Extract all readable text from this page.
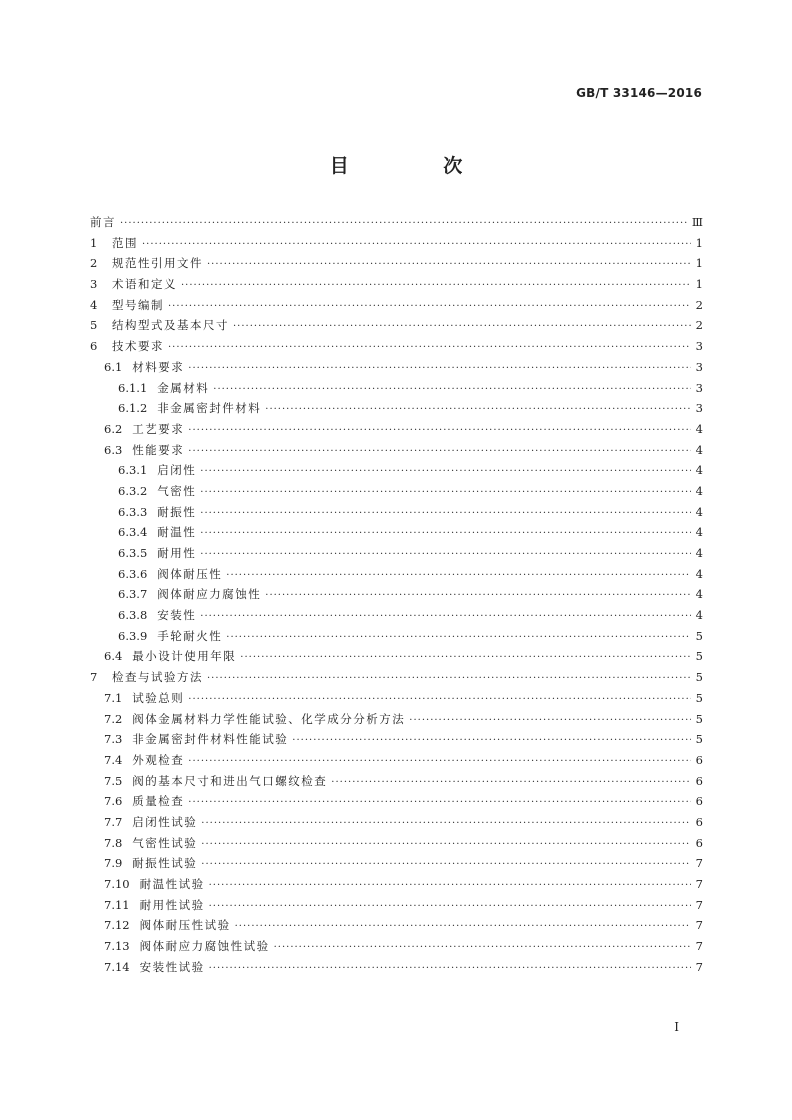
GB/T 33146—2016
目 次
前言 ·····	Ⅲ
1	范围 ·····	1
2	规范性引用文件 ·····	1
3	术语和定义 ·····	1
4	型号编制 ·····	2
5	结构型式及基本尺寸 ·····	2
6	技术要求 ·····	3
6.1 材料要求 ·····	3
6.1.1 金属材料 ·····	3
6.1.2 非金属密封件材料 ·····	3
6.2 工艺要求 ·····	4
6.3 性能要求 ·····	4
6.3.1 启闭性 ·····	4
6.3.2 气密性 ·····	4
6.3.3 耐振性 ·····	4
6.3.4 耐温性 ·····	4
6.3.5 耐用性 ·····	4
6.3.6 阀体耐压性 ·····	4
6.3.7 阀体耐应力腐蚀性 ·····	4
6.3.8 安装性 ·····	4
6.3.9 手轮耐火性 ·····	5
6.4 最小设计使用年限 ·····	5
7	检查与试验方法 ·····	5
7.1 试验总则 ·····	5
7.2 阀体金属材料力学性能试验、化学成分分析方法 ·····	5
7.3 非金属密封件材料性能试验 ·····	5
7.4 外观检查 ·····	6
7.5 阀的基本尺寸和进出气口螺纹检查 ·····	6
7.6 质量检查 ·····	6
7.7 启闭性试验 ·····	6
7.8 气密性试验 ·····	6
7.9 耐振性试验 ·····	7
7.10 耐温性试验 ·····	7
7.11 耐用性试验 ·····	7
7.12 阀体耐压性试验 ·····	7
7.13 阀体耐应力腐蚀性试验 ·····	7
7.14 安装性试验 ·····	7
I
